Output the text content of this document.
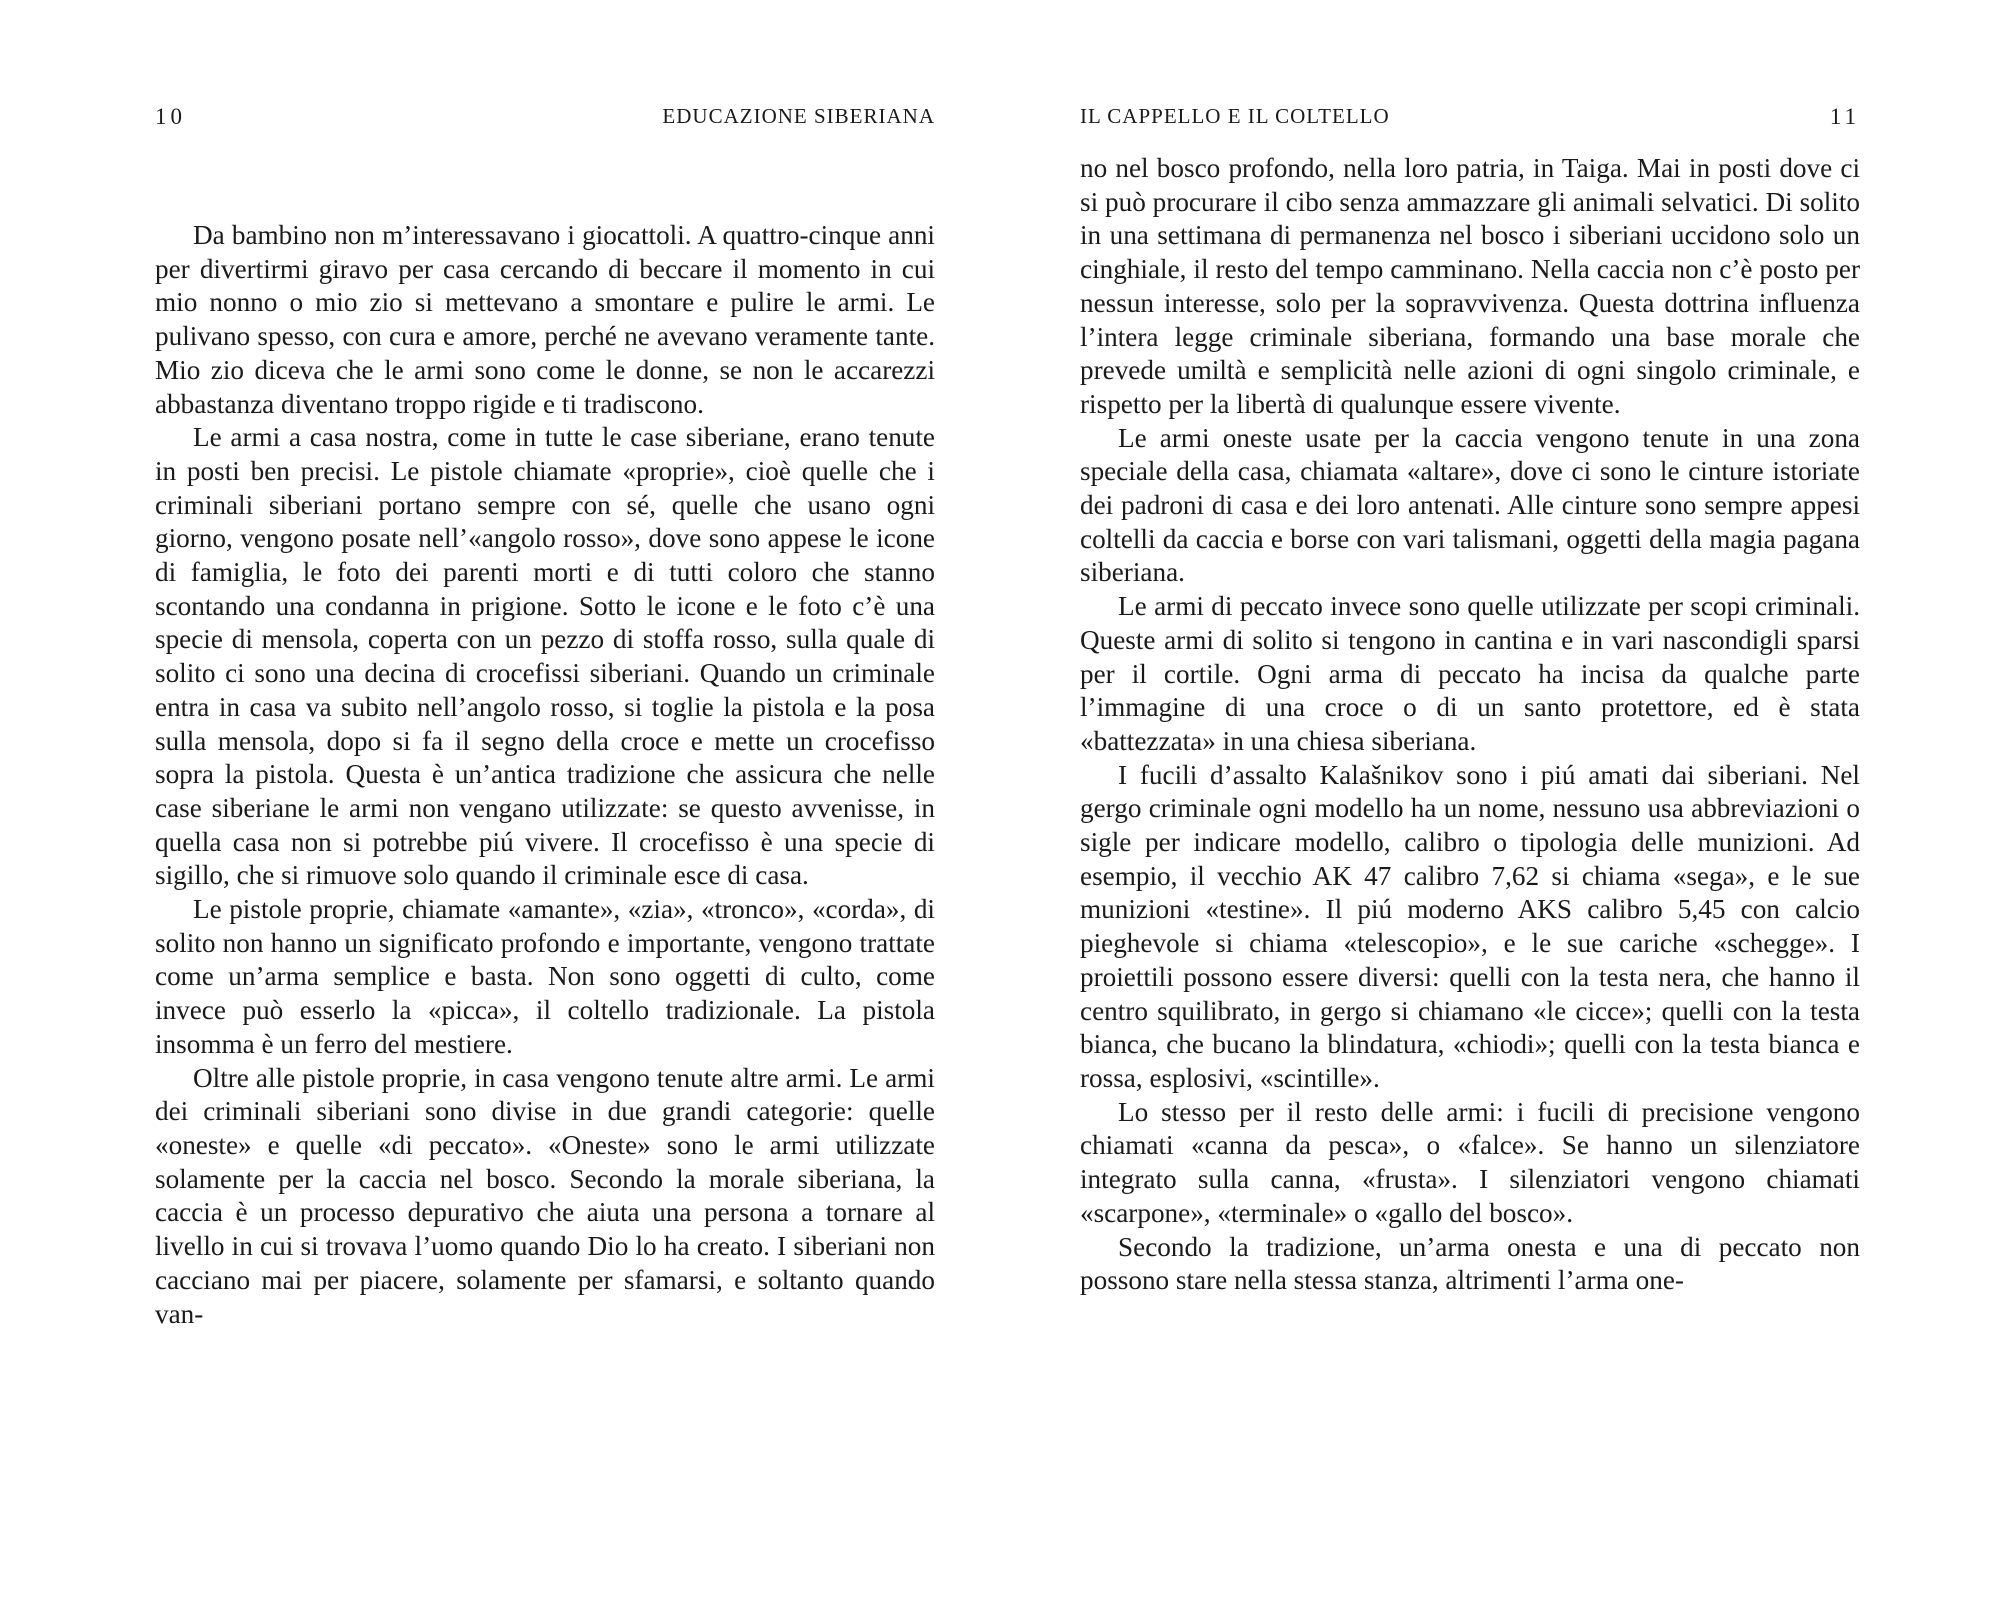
10	EDUCAZIONE SIBERIANA

Da bambino non m’interessavano i giocattoli. A quattro-cinque anni per divertirmi giravo per casa cercando di beccare il momento in cui mio nonno o mio zio si mettevano a smontare e pulire le armi. Le pulivano spesso, con cura e amore, perché ne avevano veramente tante. Mio zio diceva che le armi sono come le donne, se non le accarezzi abbastanza diventano troppo rigide e ti tradiscono.

Le armi a casa nostra, come in tutte le case siberiane, erano tenute in posti ben precisi. Le pistole chiamate «proprie», cioè quelle che i criminali siberiani portano sempre con sé, quelle che usano ogni giorno, vengono posate nell’«angolo rosso», dove sono appese le icone di famiglia, le foto dei parenti morti e di tutti coloro che stanno scontando una condanna in prigione. Sotto le icone e le foto c’è una specie di mensola, coperta con un pezzo di stoffa rosso, sulla quale di solito ci sono una decina di crocefissi siberiani. Quando un criminale entra in casa va subito nell’angolo rosso, si toglie la pistola e la posa sulla mensola, dopo si fa il segno della croce e mette un crocefisso sopra la pistola. Questa è un’antica tradizione che assicura che nelle case siberiane le armi non vengano utilizzate: se questo avvenisse, in quella casa non si potrebbe piú vivere. Il crocefisso è una specie di sigillo, che si rimuove solo quando il criminale esce di casa.

Le pistole proprie, chiamate «amante», «zia», «tronco», «corda», di solito non hanno un significato profondo e importante, vengono trattate come un’arma semplice e basta. Non sono oggetti di culto, come invece può esserlo la «picca», il coltello tradizionale. La pistola insomma è un ferro del mestiere.

Oltre alle pistole proprie, in casa vengono tenute altre armi. Le armi dei criminali siberiani sono divise in due grandi categorie: quelle «oneste» e quelle «di peccato». «Oneste» sono le armi utilizzate solamente per la caccia nel bosco. Secondo la morale siberiana, la caccia è un processo depurativo che aiuta una persona a tornare al livello in cui si trovava l’uomo quando Dio lo ha creato. I siberiani non cacciano mai per piacere, solamente per sfamarsi, e soltanto quando van-

IL CAPPELLO E IL COLTELLO	11

no nel bosco profondo, nella loro patria, in Taiga. Mai in posti dove ci si può procurare il cibo senza ammazzare gli animali selvatici. Di solito in una settimana di permanenza nel bosco i siberiani uccidono solo un cinghiale, il resto del tempo camminano. Nella caccia non c’è posto per nessun interesse, solo per la sopravvivenza. Questa dottrina influenza l’intera legge criminale siberiana, formando una base morale che prevede umiltà e semplicità nelle azioni di ogni singolo criminale, e rispetto per la libertà di qualunque essere vivente.

Le armi oneste usate per la caccia vengono tenute in una zona speciale della casa, chiamata «altare», dove ci sono le cinture istoriate dei padroni di casa e dei loro antenati. Alle cinture sono sempre appesi coltelli da caccia e borse con vari talismani, oggetti della magia pagana siberiana.

Le armi di peccato invece sono quelle utilizzate per scopi criminali. Queste armi di solito si tengono in cantina e in vari nascondigli sparsi per il cortile. Ogni arma di peccato ha incisa da qualche parte l’immagine di una croce o di un santo protettore, ed è stata «battezzata» in una chiesa siberiana.

I fucili d’assalto Kalašnikov sono i piú amati dai siberiani. Nel gergo criminale ogni modello ha un nome, nessuno usa abbreviazioni o sigle per indicare modello, calibro o tipologia delle munizioni. Ad esempio, il vecchio AK 47 calibro 7,62 si chiama «sega», e le sue munizioni «testine». Il piú moderno AKS calibro 5,45 con calcio pieghevole si chiama «telescopio», e le sue cariche «schegge». I proiettili possono essere diversi: quelli con la testa nera, che hanno il centro squilibrato, in gergo si chiamano «le cicce»; quelli con la testa bianca, che bucano la blindatura, «chiodi»; quelli con la testa bianca e rossa, esplosivi, «scintille».

Lo stesso per il resto delle armi: i fucili di precisione vengono chiamati «canna da pesca», o «falce». Se hanno un silenziatore integrato sulla canna, «frusta». I silenziatori vengono chiamati «scarpone», «terminale» o «gallo del bosco».

Secondo la tradizione, un’arma onesta e una di peccato non possono stare nella stessa stanza, altrimenti l’arma one-
